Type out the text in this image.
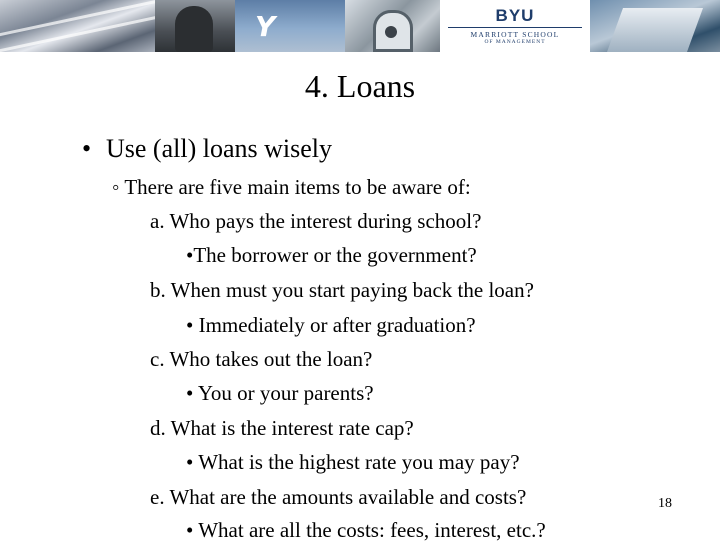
Y	BYU
MARRIOTT SCHOOL
OF MANAGEMENT
4. Loans
• Use (all) loans wisely
◦ There are five main items to be aware of:
a. Who pays the interest during school?
•The borrower or the government?
b. When must you start paying back the loan?
• Immediately or after graduation?
c. Who takes out the loan?
• You or your parents?
d. What is the interest rate cap?
• What is the highest rate you may pay?
e. What are the amounts available and costs?
• What are all the costs: fees, interest, etc.?
18
